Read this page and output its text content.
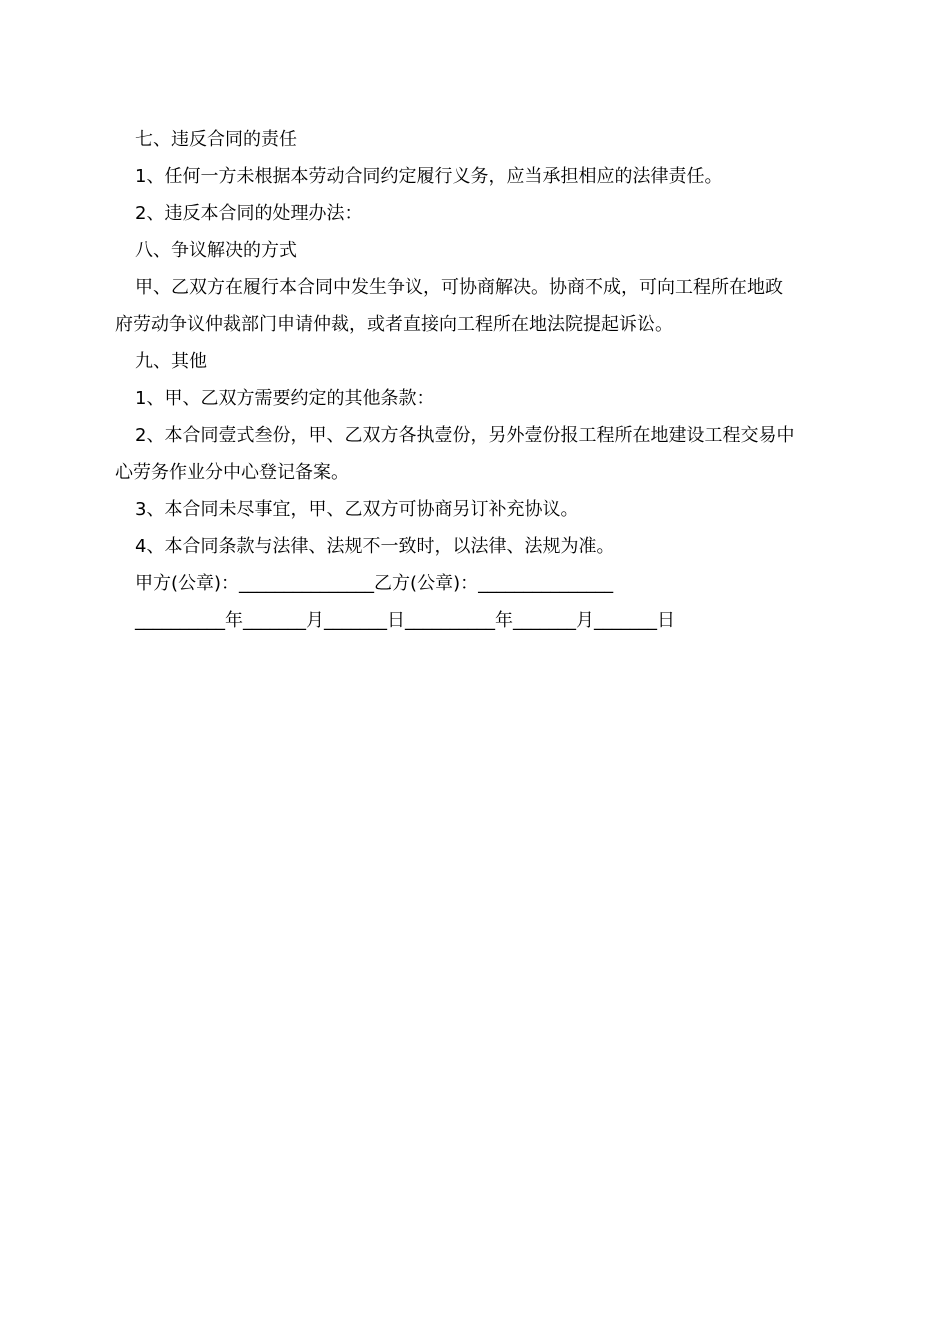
七、违反合同的责任

1、任何一方未根据本劳动合同约定履行义务，应当承担相应的法律责任。

2、违反本合同的处理办法：

八、争议解决的方式

甲、乙双方在履行本合同中发生争议，可协商解决。协商不成，可向工程所在地政

府劳动争议仲裁部门申请仲裁，或者直接向工程所在地法院提起诉讼。

九、其他

1、甲、乙双方需要约定的其他条款：

2、本合同壹式叁份，甲、乙双方各执壹份，另外壹份报工程所在地建设工程交易中

心劳务作业分中心登记备案。

3、本合同未尽事宜，甲、乙双方可协商另订补充协议。

4、本合同条款与法律、法规不一致时，以法律、法规为准。

甲方(公章)：_______________乙方(公章)：_______________

__________年_______月_______日__________年_______月_______日
